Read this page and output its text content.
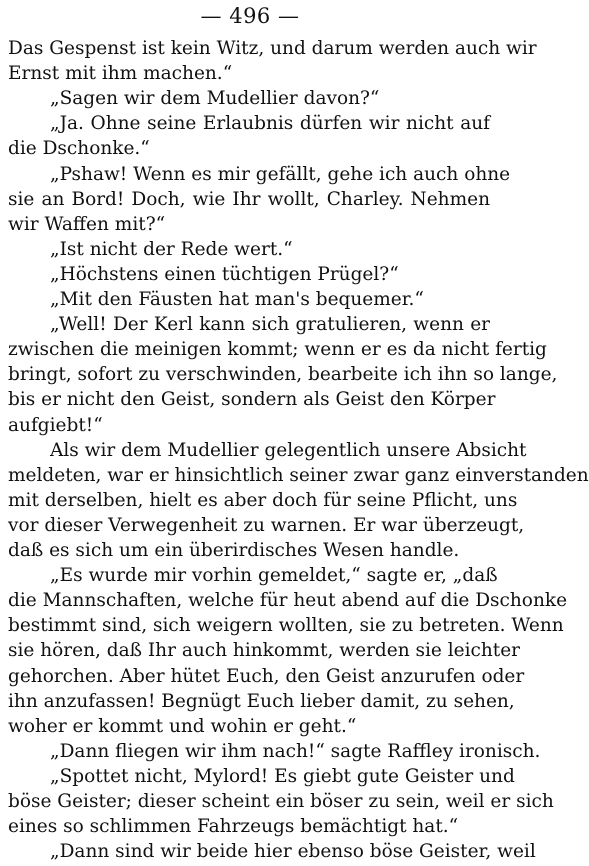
— 496 —
Das Gespenst ist kein Witz, und darum werden auch wir
Ernst mit ihm machen.“
„Sagen wir dem Mudellier davon?“
„Ja. Ohne seine Erlaubnis dürfen wir nicht auf
die Dschonke.“
„Pshaw! Wenn es mir gefällt, gehe ich auch ohne
sie an Bord! Doch, wie Ihr wollt, Charley. Nehmen
wir Waffen mit?“
„Ist nicht der Rede wert.“
„Höchstens einen tüchtigen Prügel?“
„Mit den Fäusten hat man's bequemer.“
„Well! Der Kerl kann sich gratulieren, wenn er
zwischen die meinigen kommt; wenn er es da nicht fertig
bringt, sofort zu verschwinden, bearbeite ich ihn so lange,
bis er nicht den Geist, sondern als Geist den Körper
aufgiebt!“
Als wir dem Mudellier gelegentlich unsere Absicht
meldeten, war er hinsichtlich seiner zwar ganz einverstanden
mit derselben, hielt es aber doch für seine Pflicht, uns
vor dieser Verwegenheit zu warnen. Er war überzeugt,
daß es sich um ein überirdisches Wesen handle.
„Es wurde mir vorhin gemeldet,“ sagte er, „daß
die Mannschaften, welche für heut abend auf die Dschonke
bestimmt sind, sich weigern wollten, sie zu betreten. Wenn
sie hören, daß Ihr auch hinkommt, werden sie leichter
gehorchen. Aber hütet Euch, den Geist anzurufen oder
ihn anzufassen! Begnügt Euch lieber damit, zu sehen,
woher er kommt und wohin er geht.“
„Dann fliegen wir ihm nach!“ sagte Raffley ironisch.
„Spottet nicht, Mylord! Es giebt gute Geister und
böse Geister; dieser scheint ein böser zu sein, weil er sich
eines so schlimmen Fahrzeugs bemächtigt hat.“
„Dann sind wir beide hier ebenso böse Geister, weil
